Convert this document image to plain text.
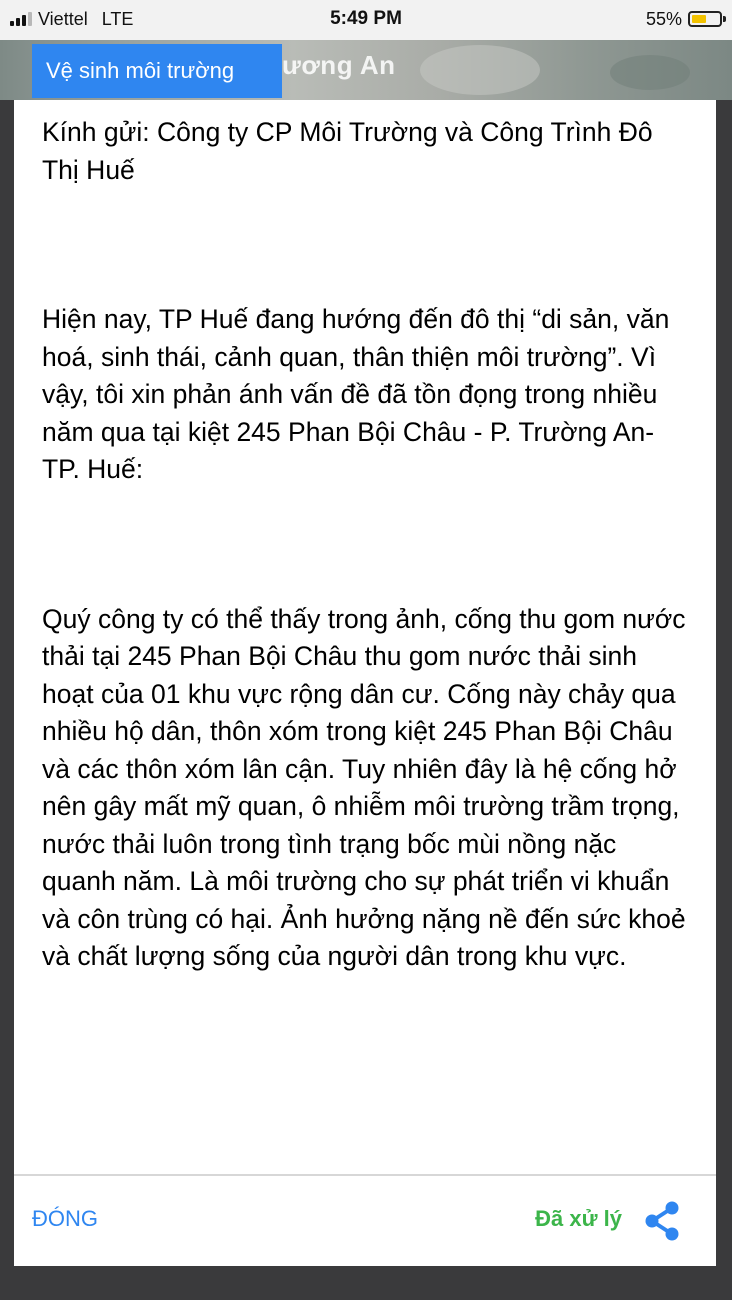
Viettel LTE	5:49 PM	55%
ương An
Vệ sinh môi trường

Kính gửi: Công ty CP Môi Trường và Công Trình Đô Thị Huế

Hiện nay, TP Huế đang hướng đến đô thị “di sản, văn hoá, sinh thái, cảnh quan, thân thiện môi trường”. Vì vậy, tôi xin phản ánh vấn đề đã tồn đọng trong nhiều năm qua tại kiệt 245 Phan Bội Châu - P. Trường An- TP. Huế:

Quý công ty có thể thấy trong ảnh, cống thu gom nước thải tại 245 Phan Bội Châu thu gom nước thải sinh hoạt của 01 khu vực rộng dân cư. Cống này chảy qua nhiều hộ dân, thôn xóm trong kiệt 245 Phan Bội Châu và các thôn xóm lân cận. Tuy nhiên đây là hệ cống hở nên gây mất mỹ quan, ô nhiễm môi trường trầm trọng, nước thải luôn trong tình trạng bốc mùi nồng nặc quanh năm. Là môi trường cho sự phát triển vi khuẩn và côn trùng có hại. Ảnh hưởng nặng nề đến sức khoẻ và chất lượng sống của người dân trong khu vực.

ĐÓNG	Đã xử lý
